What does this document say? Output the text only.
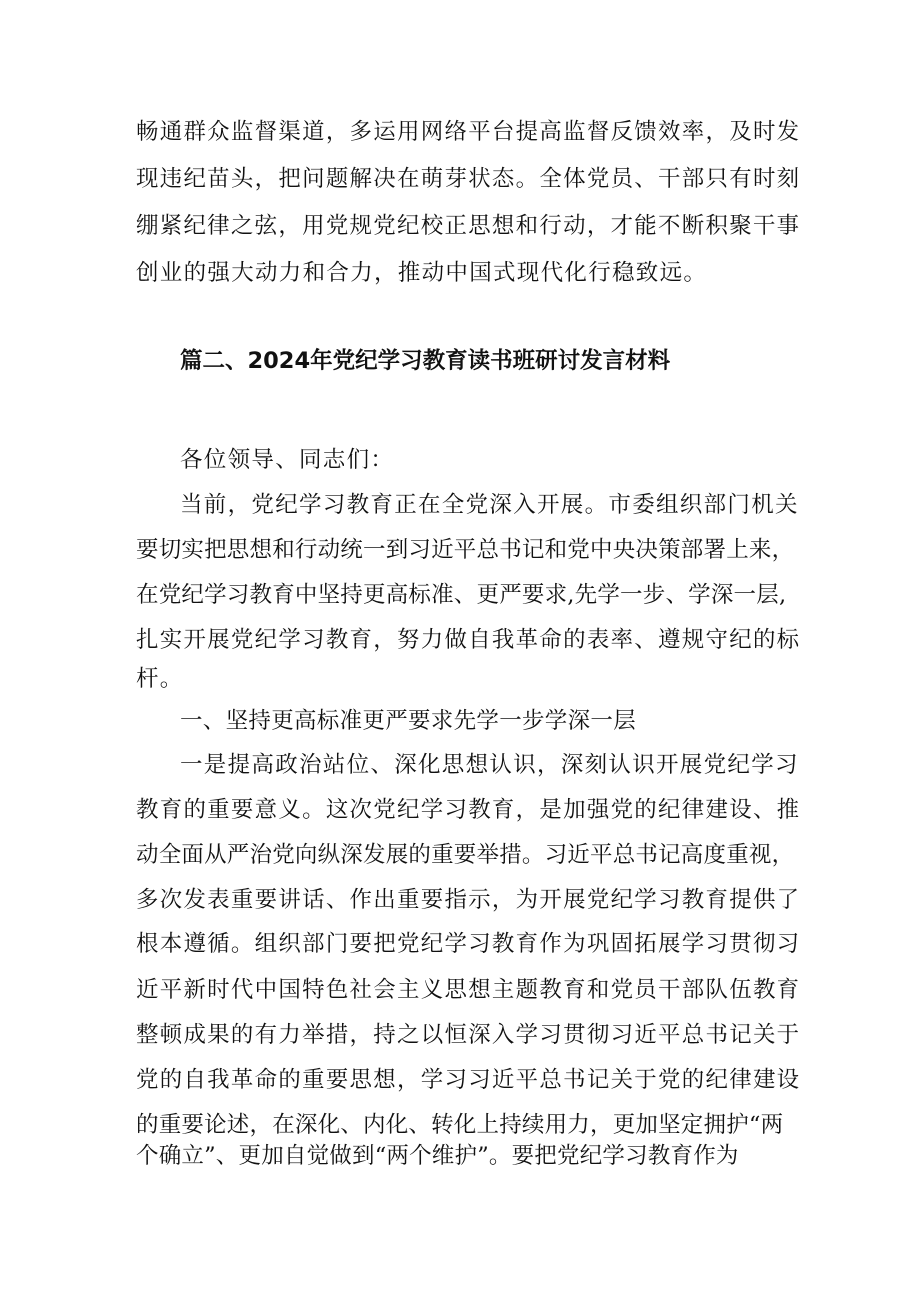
畅通群众监督渠道，多运用网络平台提高监督反馈效率，及时发
现违纪苗头，把问题解决在萌芽状态。全体党员、干部只有时刻
绷紧纪律之弦，用党规党纪校正思想和行动，才能不断积聚干事
创业的强大动力和合力，推动中国式现代化行稳致远。
篇二、2024年党纪学习教育读书班研讨发言材料
各位领导、同志们：
当前，党纪学习教育正在全党深入开展。市委组织部门机关
要切实把思想和行动统一到习近平总书记和党中央决策部署上来，
在党纪学习教育中坚持更高标准、更严要求,先学一步、学深一层,
扎实开展党纪学习教育，努力做自我革命的表率、遵规守纪的标
杆。
一、坚持更高标准更严要求先学一步学深一层
一是提高政治站位、深化思想认识，深刻认识开展党纪学习
教育的重要意义。这次党纪学习教育，是加强党的纪律建设、推
动全面从严治党向纵深发展的重要举措。习近平总书记高度重视，
多次发表重要讲话、作出重要指示，为开展党纪学习教育提供了
根本遵循。组织部门要把党纪学习教育作为巩固拓展学习贯彻习
近平新时代中国特色社会主义思想主题教育和党员干部队伍教育
整顿成果的有力举措，持之以恒深入学习贯彻习近平总书记关于
党的自我革命的重要思想，学习习近平总书记关于党的纪律建设
的重要论述，在深化、内化、转化上持续用力，更加坚定拥护“两
个确立”、更加自觉做到“两个维护”。要把党纪学习教育作为
